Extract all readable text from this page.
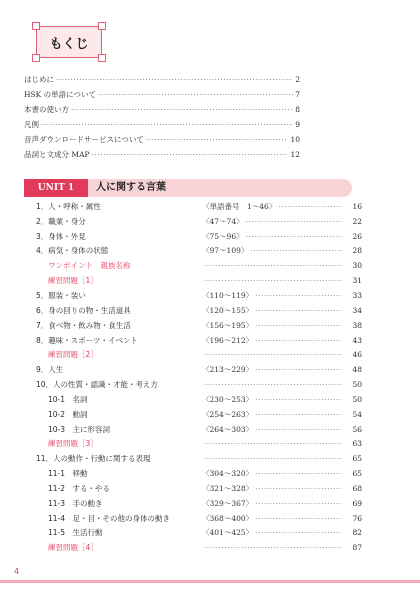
もくじ
はじめに ·····	2
HSK の単語について ·····	7
本書の使い方 ·····	8
凡例 ·····	9
音声ダウンロードサービスについて ·····	10
品詞と文成分 MAP ·····	12
UNIT 1	人に関する言葉
1．人・呼称・属性	〈単語番号　1～46〉 ·····	16
2．職業・身分	〈47～74〉 ·····	22
3．身体・外見	〈75～96〉 ·····	26
4．病気・身体の状態	〈97～109〉 ·····	28
ワンポイント　親族名称 ·····	30
練習問題［1］ ·····	31
5．服装・装い	〈110～119〉 ·····	33
6．身の回りの物・生活道具	〈120～155〉 ·····	34
7．食べ物・飲み物・食生活	〈156～195〉 ·····	38
8．趣味・スポーツ・イベント	〈196～212〉 ·····	43
練習問題［2］ ·····	46
9．人生	〈213～229〉 ·····	48
10．人の性質・認識・才能・考え方 ·····	50
10-1　名詞	〈230～253〉 ·····	50
10-2　動詞	〈254～263〉 ·····	54
10-3　主に形容詞	〈264～303〉 ·····	56
練習問題［3］ ·····	63
11．人の動作・行動に関する表現 ·····	65
11-1　移動	〈304～320〉 ·····	65
11-2　する・やる	〈321～328〉 ·····	68
11-3　手の動き	〈329～367〉 ·····	69
11-4　足・目・その他の身体の動き	〈368～400〉 ·····	76
11-5　生活行動	〈401～425〉 ·····	82
練習問題［4］ ·····	87
4
